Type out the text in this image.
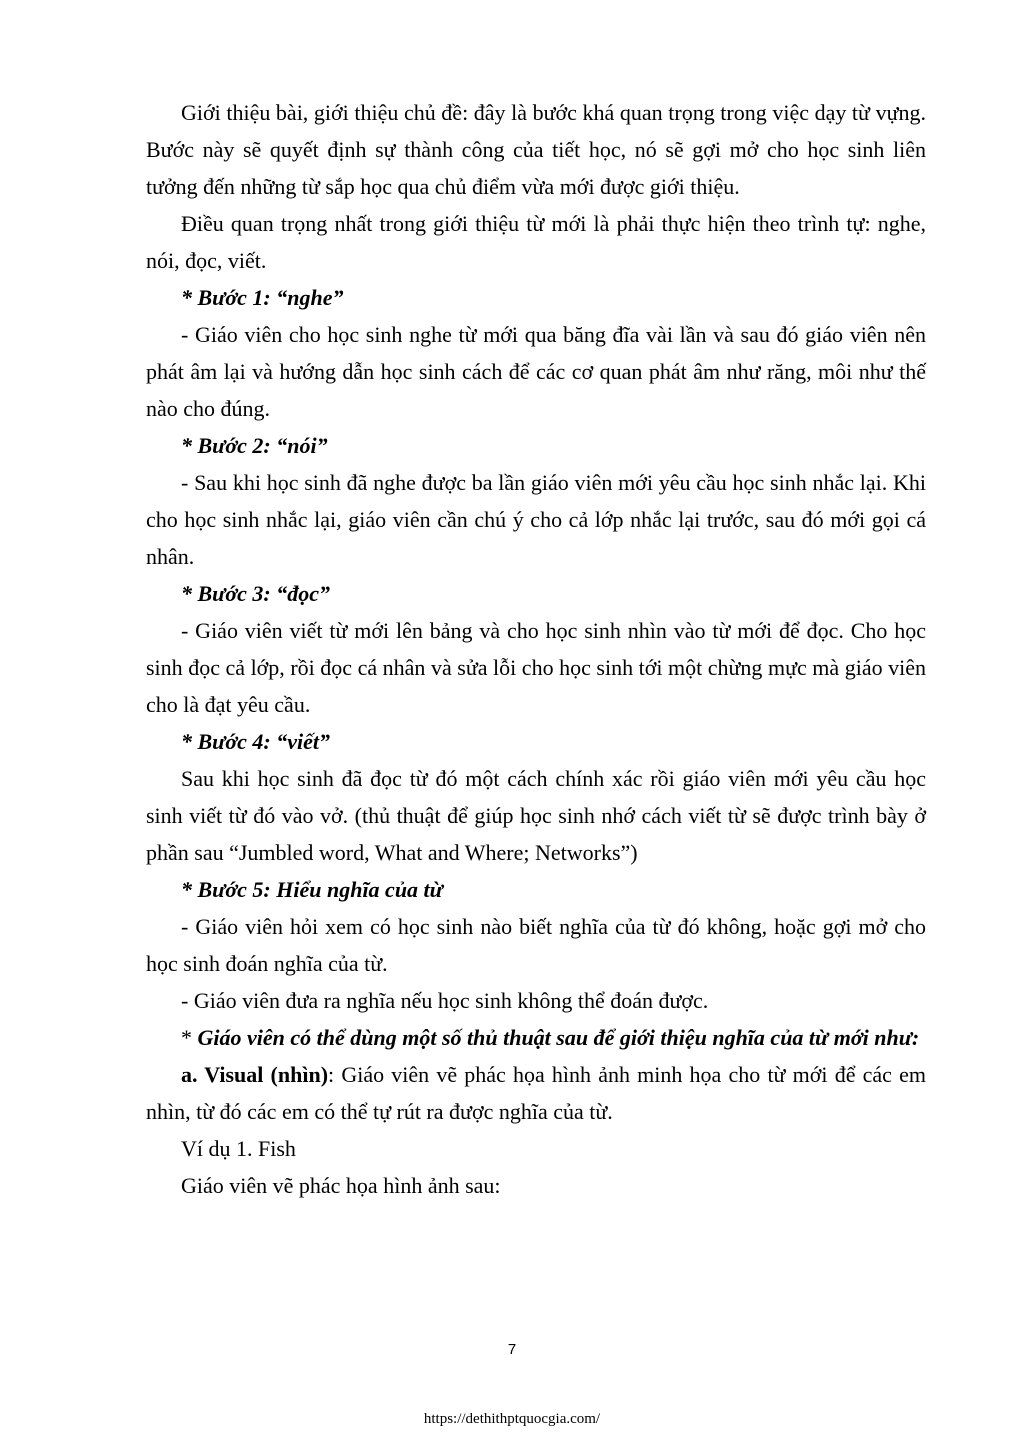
Giới thiệu bài, giới thiệu chủ đề: đây là bước khá quan trọng trong việc dạy từ vựng. Bước này sẽ quyết định sự thành công của tiết học, nó sẽ gợi mở cho học sinh liên tưởng đến những từ sắp học qua chủ điểm vừa mới được giới thiệu.

Điều quan trọng nhất trong giới thiệu từ mới là phải thực hiện theo trình tự: nghe, nói, đọc, viết.

* Bước 1: “nghe”

- Giáo viên cho học sinh nghe từ mới qua băng đĩa vài lần và sau đó giáo viên nên phát âm lại và hướng dẫn học sinh cách để các cơ quan phát âm như răng, môi như thế nào cho đúng.

* Bước 2: “nói”

- Sau khi học sinh đã nghe được ba lần giáo viên mới yêu cầu học sinh nhắc lại. Khi cho học sinh nhắc lại, giáo viên cần chú ý cho cả lớp nhắc lại trước, sau đó mới gọi cá nhân.

* Bước 3: “đọc”

- Giáo viên viết từ mới lên bảng và cho học sinh nhìn vào từ mới để đọc. Cho học sinh đọc cả lớp, rồi đọc cá nhân và sửa lỗi cho học sinh tới một chừng mực mà giáo viên cho là đạt yêu cầu.

* Bước 4: “viết”

Sau khi học sinh đã đọc từ đó một cách chính xác rồi giáo viên mới yêu cầu học sinh viết từ đó vào vở. (thủ thuật để giúp học sinh nhớ cách viết từ sẽ được trình bày ở phần sau “Jumbled word, What and Where; Networks”)

* Bước 5: Hiểu nghĩa của từ

- Giáo viên hỏi xem có học sinh nào biết nghĩa của từ đó không, hoặc gợi mở cho học sinh đoán nghĩa của từ.

- Giáo viên đưa ra nghĩa nếu học sinh không thể đoán được.

* Giáo viên có thể dùng một số thủ thuật sau để giới thiệu nghĩa của từ mới như:

a. Visual (nhìn): Giáo viên vẽ phác họa hình ảnh minh họa cho từ mới để các em nhìn, từ đó các em có thể tự rút ra được nghĩa của từ.

Ví dụ 1. Fish

Giáo viên vẽ phác họa hình ảnh sau:

7
https://dethithptquocgia.com/
